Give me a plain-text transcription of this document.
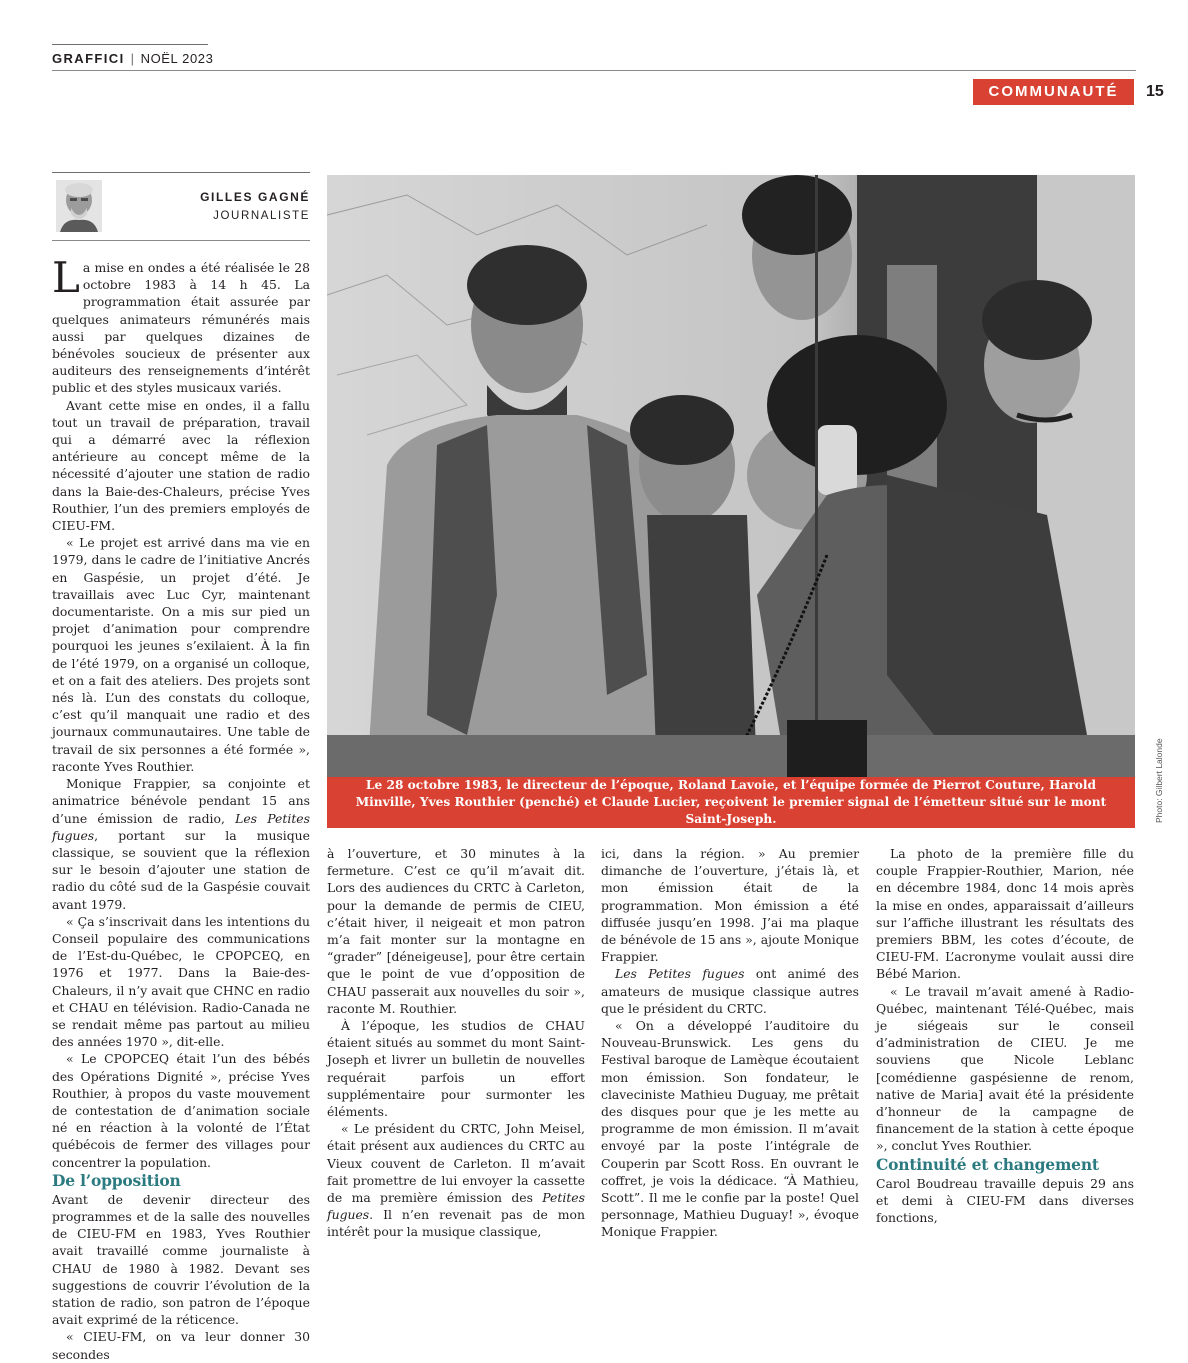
GRAFFICI | NOËL 2023
COMMUNAUTÉ	15
GILLES GAGNÉ
JOURNALISTE

La mise en ondes a été réalisée le 28 octobre 1983 à 14 h 45. La programmation était assurée par quelques animateurs rémunérés mais aussi par quelques dizaines de bénévoles soucieux de présenter aux auditeurs des renseignements d’intérêt public et des styles musicaux variés.

Avant cette mise en ondes, il a fallu tout un travail de préparation, travail qui a démarré avec la réflexion antérieure au concept même de la nécessité d’ajouter une station de radio dans la Baie-des-Chaleurs, précise Yves Routhier, l’un des premiers employés de CIEU-FM.

« Le projet est arrivé dans ma vie en 1979, dans le cadre de l’initiative Ancrés en Gaspésie, un projet d’été. Je travaillais avec Luc Cyr, maintenant documentariste. On a mis sur pied un projet d’animation pour comprendre pourquoi les jeunes s’exilaient. À la fin de l’été 1979, on a organisé un colloque, et on a fait des ateliers. Des projets sont nés là. L’un des constats du colloque, c’est qu’il manquait une radio et des journaux communautaires. Une table de travail de six personnes a été formée », raconte Yves Routhier.

Monique Frappier, sa conjointe et animatrice bénévole pendant 15 ans d’une émission de radio, Les Petites fugues, portant sur la musique classique, se souvient que la réflexion sur le besoin d’ajouter une station de radio du côté sud de la Gaspésie couvait avant 1979.

« Ça s’inscrivait dans les intentions du Conseil populaire des communications de l’Est-du-Québec, le CPOPCEQ, en 1976 et 1977. Dans la Baie-des-Chaleurs, il n’y avait que CHNC en radio et CHAU en télévision. Radio-Canada ne se rendait même pas partout au milieu des années 1970 », dit-elle.

« Le CPOPCEQ était l’un des bébés des Opérations Dignité », précise Yves Routhier, à propos du vaste mouvement de contestation de d’animation sociale né en réaction à la volonté de l’État québécois de fermer des villages pour concentrer la population.

De l’opposition

Avant de devenir directeur des programmes et de la salle des nouvelles de CIEU-FM en 1983, Yves Routhier avait travaillé comme journaliste à CHAU de 1980 à 1982. Devant ses suggestions de couvrir l’évolution de la station de radio, son patron de l’époque avait exprimé de la réticence.

« CIEU-FM, on va leur donner 30 secondes

Le 28 octobre 1983, le directeur de l’époque, Roland Lavoie, et l’équipe formée de Pierrot Couture, Harold Minville, Yves Routhier (penché) et Claude Lucier, reçoivent le premier signal de l’émetteur situé sur le mont Saint-Joseph.	Photo: Gilbert Lalonde

à l’ouverture, et 30 minutes à la fermeture. C’est ce qu’il m’avait dit. Lors des audiences du CRTC à Carleton, pour la demande de permis de CIEU, c’était hiver, il neigeait et mon patron m’a fait monter sur la montagne en “grader” [déneigeuse], pour être certain que le point de vue d’opposition de CHAU passerait aux nouvelles du soir », raconte M. Routhier.

À l’époque, les studios de CHAU étaient situés au sommet du mont Saint-Joseph et livrer un bulletin de nouvelles requérait parfois un effort supplémentaire pour surmonter les éléments.

« Le président du CRTC, John Meisel, était présent aux audiences du CRTC au Vieux couvent de Carleton. Il m’avait fait promettre de lui envoyer la cassette de ma première émission des Petites fugues. Il n’en revenait pas de mon intérêt pour la musique classique,

ici, dans la région. » Au premier dimanche de l’ouverture, j’étais là, et mon émission était de la programmation. Mon émission a été diffusée jusqu’en 1998. J’ai ma plaque de bénévole de 15 ans », ajoute Monique Frappier.

Les Petites fugues ont animé des amateurs de musique classique autres que le président du CRTC.

« On a développé l’auditoire du Nouveau-Brunswick. Les gens du Festival baroque de Lamèque écoutaient mon émission. Son fondateur, le claveciniste Mathieu Duguay, me prêtait des disques pour que je les mette au programme de mon émission. Il m’avait envoyé par la poste l’intégrale de Couperin par Scott Ross. En ouvrant le coffret, je vois la dédicace. “À Mathieu, Scott”. Il me le confie par la poste! Quel personnage, Mathieu Duguay! », évoque Monique Frappier.

La photo de la première fille du couple Frappier-Routhier, Marion, née en décembre 1984, donc 14 mois après la mise en ondes, apparaissait d’ailleurs sur l’affiche illustrant les résultats des premiers BBM, les cotes d’écoute, de CIEU-FM. L’acronyme voulait aussi dire Bébé Marion.

« Le travail m’avait amené à Radio-Québec, maintenant Télé-Québec, mais je siégeais sur le conseil d’administration de CIEU. Je me souviens que Nicole Leblanc [comédienne gaspésienne de renom, native de Maria] avait été la présidente d’honneur de la campagne de financement de la station à cette époque », conclut Yves Routhier.

Continuité et changement

Carol Boudreau travaille depuis 29 ans et demi à CIEU-FM dans diverses fonctions,
